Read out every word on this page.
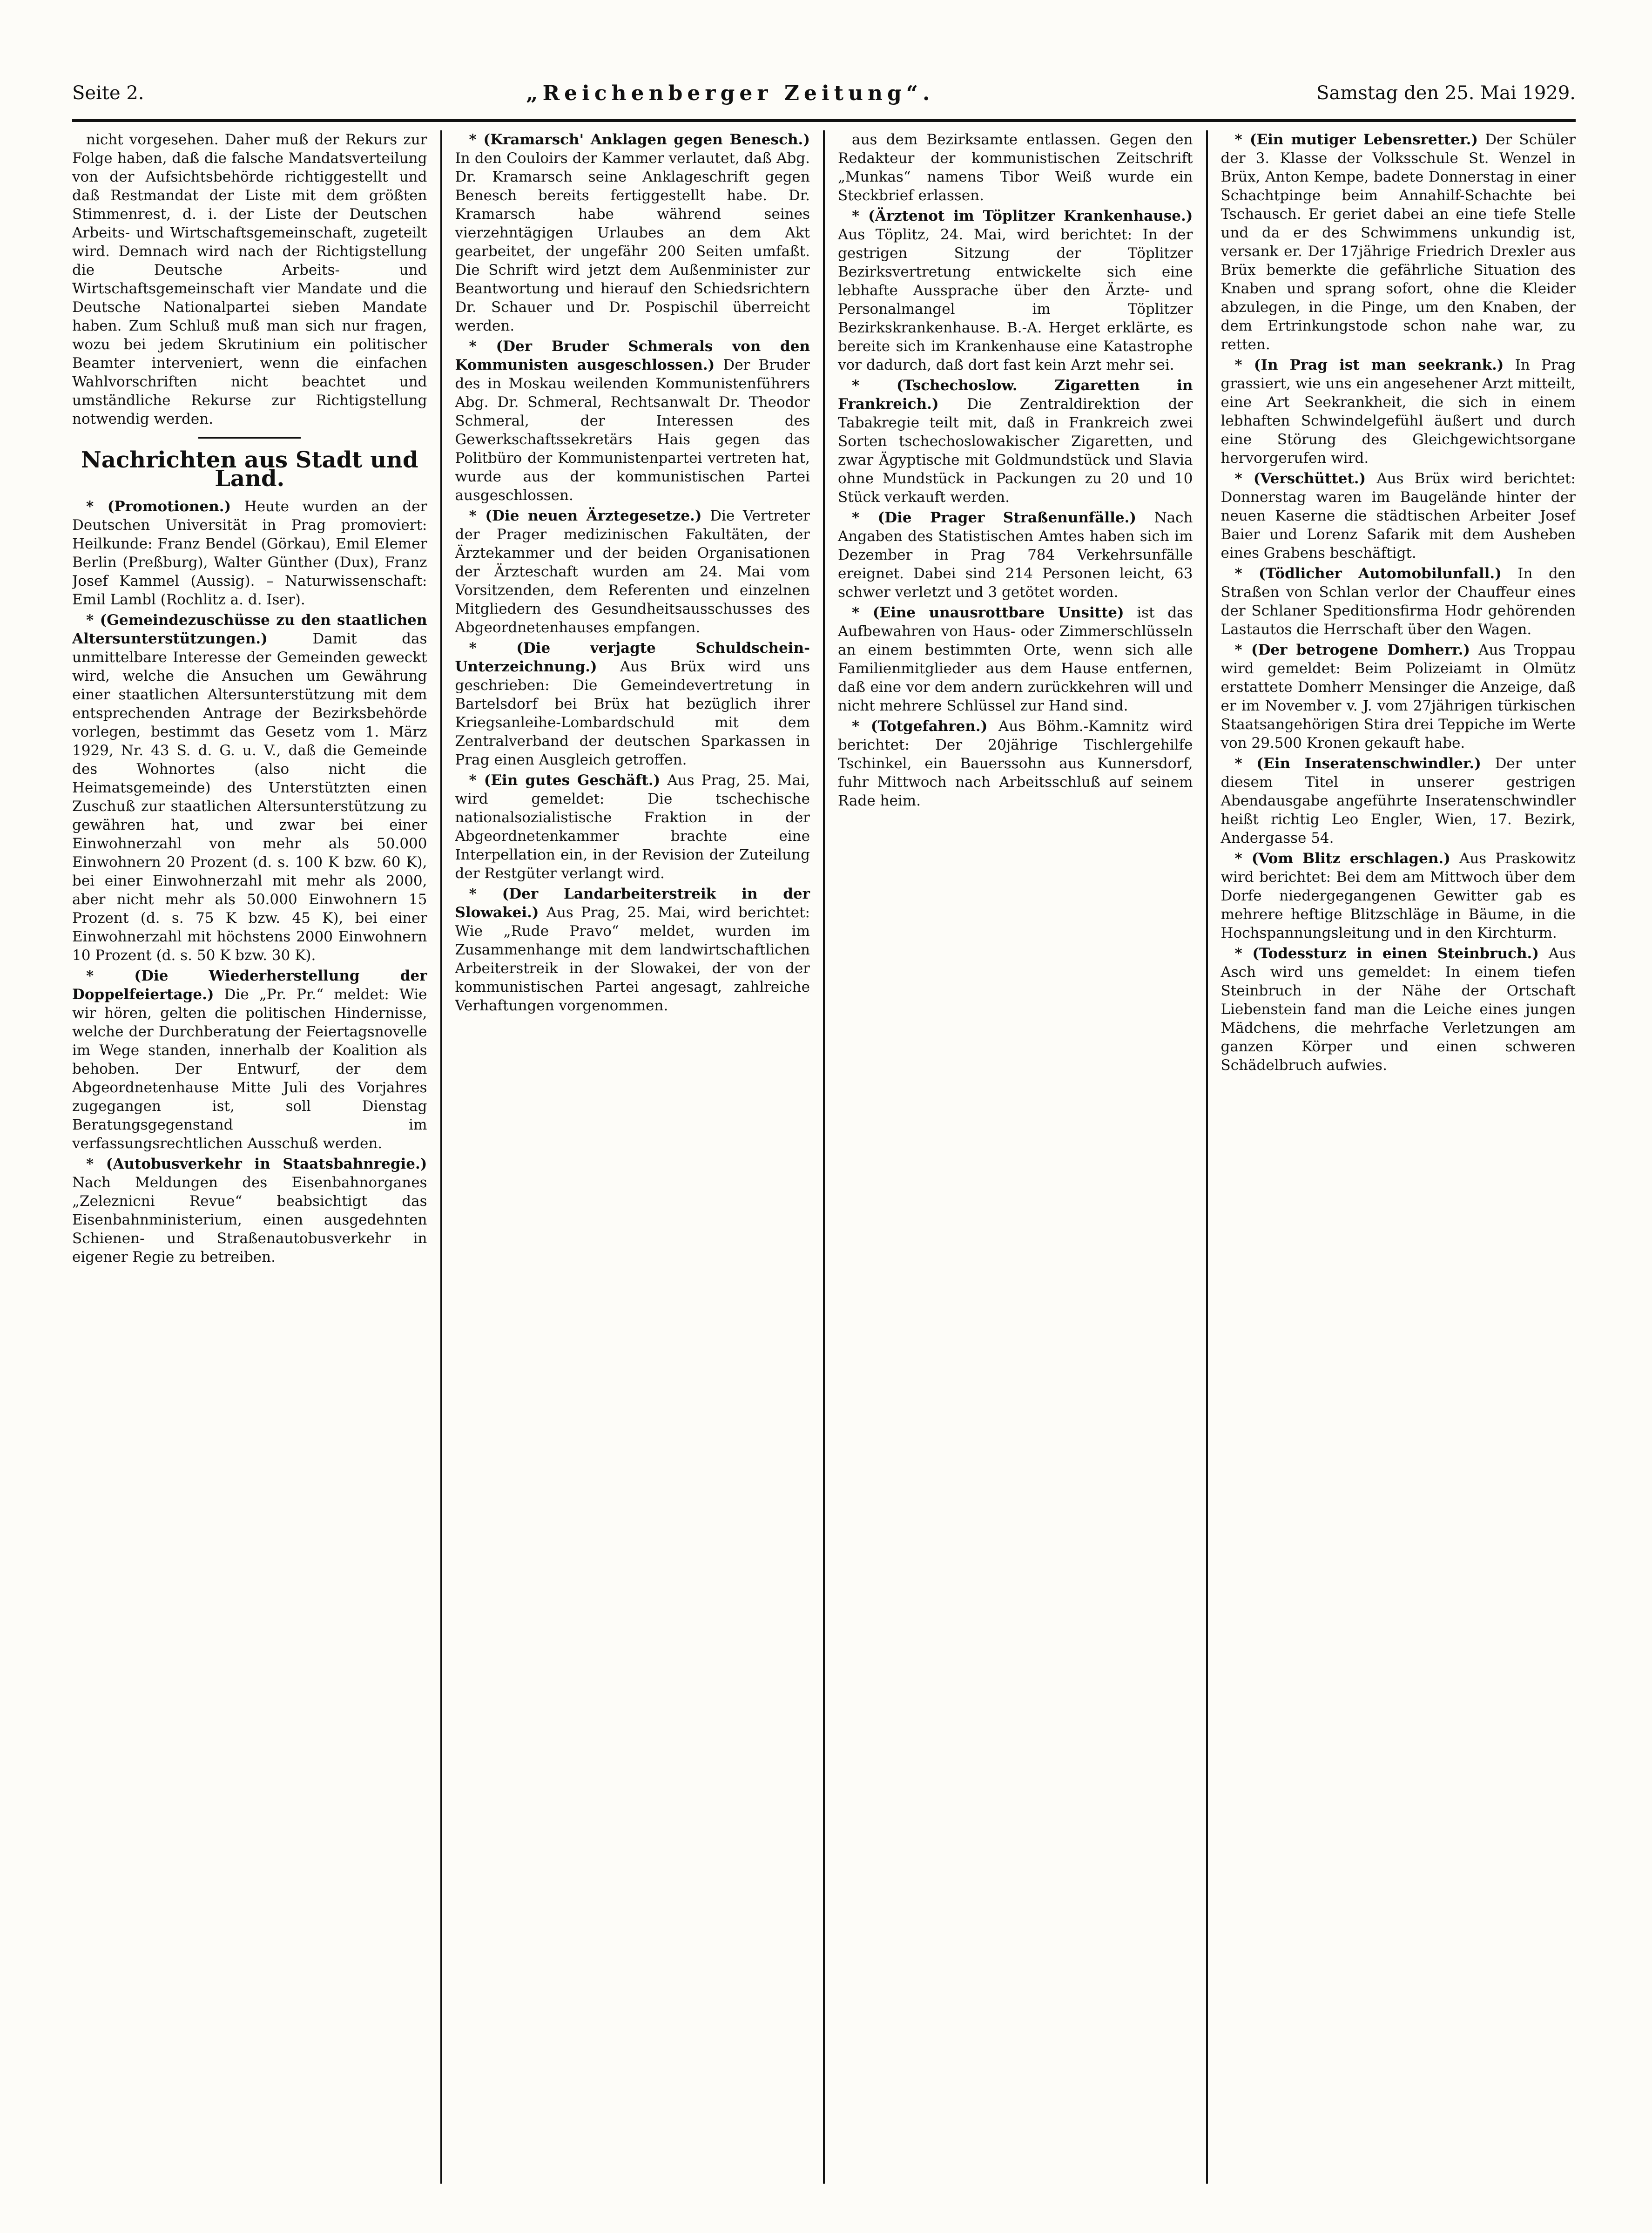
Seite 2.	„Reichenberger Zeitung“.	Samstag den 25. Mai 1929.

nicht vorgesehen. Daher muß der Rekurs zur Folge haben, daß die falsche Mandatsverteilung von der Aufsichtsbehörde richtiggestellt und daß Restmandat der Liste mit dem größten Stimmenrest, d. i. der Liste der Deutschen Arbeits- und Wirtschaftsgemeinschaft, zugeteilt wird. Demnach wird nach der Richtigstellung die Deutsche Arbeits- und Wirtschaftsgemeinschaft vier Mandate und die Deutsche Nationalpartei sieben Mandate haben. Zum Schluß muß man sich nur fragen, wozu bei jedem Skrutinium ein politischer Beamter interveniert, wenn die einfachen Wahlvorschriften nicht beachtet und umständliche Rekurse zur Richtigstellung notwendig werden.

Nachrichten aus Stadt und Land.

* (Promotionen.) Heute wurden an der Deutschen Universität in Prag promoviert: Heilkunde: Franz Bendel (Görkau), Emil Elemer Berlin (Preßburg), Walter Günther (Dux), Franz Josef Kammel (Aussig). – Naturwissenschaft: Emil Lambl (Rochlitz a. d. Iser).

* (Gemeindezuschüsse zu den staatlichen Altersunterstützungen.)	Damit das unmittelbare Interesse der Gemeinden geweckt wird, welche die Ansuchen um Gewährung einer staatlichen Altersunterstützung mit dem entsprechenden Antrage der Bezirksbehörde vorlegen, bestimmt das Gesetz vom 1. März 1929, Nr. 43 S. d. G. u. V., daß die Gemeinde des Wohnortes (also nicht die Heimatsgemeinde) des Unterstützten einen Zuschuß zur staatlichen Altersunterstützung zu gewähren hat, und zwar bei einer Einwohnerzahl von mehr als 50.000 Einwohnern 20 Prozent (d. s. 100 K bzw. 60 K), bei einer Einwohnerzahl mit mehr als 2000, aber nicht mehr als 50.000 Einwohnern 15 Prozent (d. s. 75 K bzw. 45 K), bei einer Einwohnerzahl mit höchstens 2000 Einwohnern 10 Prozent (d. s. 50 K bzw. 30 K).

* (Die Wiederherstellung der Doppelfeiertage.) Die „Pr. Pr.“ meldet: Wie wir hören, gelten die politischen Hindernisse, welche der Durchberatung der Feiertagsnovelle im Wege standen, innerhalb der Koalition als behoben. Der Entwurf, der dem Abgeordnetenhause Mitte Juli des Vorjahres zugegangen ist, soll Dienstag Beratungsgegenstand im verfassungsrechtlichen Ausschuß werden.

* (Autobusverkehr in Staatsbahnregie.) Nach Meldungen des Eisenbahnorganes „Zeleznicni Revue“ beabsichtigt das Eisenbahnministerium, einen ausgedehnten Schienen- und Straßenautobusverkehr in eigener Regie zu betreiben.

* (Kramarsch' Anklagen gegen Benesch.) In den Couloirs der Kammer verlautet, daß Abg. Dr. Kramarsch seine Anklageschrift gegen Benesch bereits fertiggestellt habe. Dr. Kramarsch habe während seines vierzehntägigen Urlaubes an dem Akt gearbeitet, der ungefähr 200 Seiten umfaßt. Die Schrift wird jetzt dem Außenminister zur Beantwortung und hierauf den Schiedsrichtern Dr. Schauer und Dr. Pospischil überreicht werden.

* (Der Bruder Schmerals von den Kommunisten ausgeschlossen.) Der Bruder des in Moskau weilenden Kommunistenführers Abg. Dr. Schmeral, Rechtsanwalt Dr. Theodor Schmeral, der Interessen des Gewerkschaftssekretärs Hais gegen das Politbüro der Kommunistenpartei vertreten hat, wurde aus der kommunistischen Partei ausgeschlossen.

* (Die neuen Ärztegesetze.) Die Vertreter der Prager medizinischen Fakultäten, der Ärztekammer und der beiden Organisationen der Ärzteschaft wurden am 24. Mai vom Vorsitzenden, dem Referenten und einzelnen Mitgliedern des Gesundheitsausschusses des Abgeordnetenhauses empfangen.

* (Die verjagte Schuldschein-Unterzeichnung.) Aus Brüx wird uns geschrieben: Die Gemeindevertretung in Bartelsdorf bei Brüx hat bezüglich ihrer Kriegsanleihe-Lombardschuld mit dem Zentralverband der deutschen Sparkassen in Prag einen Ausgleich getroffen.

* (Ein gutes Geschäft.) Aus Prag, 25. Mai, wird gemeldet: Die tschechische nationalsozialistische Fraktion in der Abgeordnetenkammer brachte eine Interpellation ein, in der Revision der Zuteilung der Restgüter verlangt wird.

* (Der Landarbeiterstreik in der Slowakei.) Aus Prag, 25. Mai, wird berichtet: Wie „Rude Pravo“ meldet, wurden im Zusammenhange mit dem landwirtschaftlichen Arbeiterstreik in der Slowakei, der von der kommunistischen Partei angesagt, zahlreiche Verhaftungen vorgenommen.

aus dem Bezirksamte entlassen. Gegen den Redakteur der kommunistischen Zeitschrift „Munkas“ namens Tibor Weiß wurde ein Steckbrief erlassen.

* (Ärztenot im Töplitzer Krankenhause.) Aus Töplitz, 24. Mai, wird berichtet: In der gestrigen Sitzung der Töplitzer Bezirksvertretung entwickelte sich eine lebhafte Aussprache über den Ärzte- und Personalmangel im Töplitzer Bezirkskrankenhause. B.-A. Herget erklärte, es bereite sich im Krankenhause eine Katastrophe vor dadurch, daß dort fast kein Arzt mehr sei.

* (Tschechoslow. Zigaretten in Frankreich.) Die Zentraldirektion der Tabakregie teilt mit, daß in Frankreich zwei Sorten tschechoslowakischer Zigaretten, und zwar Ägyptische mit Goldmundstück und Slavia ohne Mundstück in Packungen zu 20 und 10 Stück verkauft werden.

* (Die Prager Straßenunfälle.) Nach Angaben des Statistischen Amtes haben sich im Dezember in Prag 784 Verkehrsunfälle ereignet. Dabei sind 214 Personen leicht, 63 schwer verletzt und 3 getötet worden.

* (Eine unausrottbare Unsitte) ist das Aufbewahren von Haus- oder Zimmerschlüsseln an einem bestimmten Orte, wenn sich alle Familienmitglieder aus dem Hause entfernen, daß eine vor dem andern zurückkehren will und nicht mehrere Schlüssel zur Hand sind.

* (Totgefahren.) Aus Böhm.-Kamnitz wird berichtet: Der 20jährige Tischlergehilfe Tschinkel, ein Bauerssohn aus Kunnersdorf, fuhr Mittwoch nach Arbeitsschluß auf seinem Rade heim.

* (Ein mutiger Lebensretter.) Der Schüler der 3. Klasse der Volksschule St. Wenzel in Brüx, Anton Kempe, badete Donnerstag in einer Schachtpinge beim Annahilf-Schachte bei Tschausch. Er geriet dabei an eine tiefe Stelle und da er des Schwimmens unkundig ist, versank er. Der 17jährige Friedrich Drexler aus Brüx bemerkte die gefährliche Situation des Knaben und sprang sofort, ohne die Kleider abzulegen, in die Pinge, um den Knaben, der dem Ertrinkungstode schon nahe war, zu retten.

* (In Prag ist man seekrank.) In Prag grassiert, wie uns ein angesehener Arzt mitteilt, eine Art Seekrankheit, die sich in einem lebhaften Schwindelgefühl äußert und durch eine Störung des Gleichgewichtsorgane hervorgerufen wird.

* (Verschüttet.) Aus Brüx wird berichtet: Donnerstag waren im Baugelände hinter der neuen Kaserne die städtischen Arbeiter Josef Baier und Lorenz Safarik mit dem Ausheben eines Grabens beschäftigt.

* (Tödlicher Automobilunfall.) In den Straßen von Schlan verlor der Chauffeur eines der Schlaner Speditionsfirma Hodr gehörenden Lastautos die Herrschaft über den Wagen.

* (Der betrogene Domherr.) Aus Troppau wird gemeldet: Beim Polizeiamt in Olmütz erstattete Domherr Mensinger die Anzeige, daß er im November v. J. vom 27jährigen türkischen Staatsangehörigen Stira drei Teppiche im Werte von 29.500 Kronen gekauft habe.

* (Ein Inseratenschwindler.) Der unter diesem Titel in unserer gestrigen Abendausgabe angeführte Inseratenschwindler heißt richtig Leo Engler, Wien, 17. Bezirk, Andergasse 54.

* (Vom Blitz erschlagen.) Aus Praskowitz wird berichtet: Bei dem am Mittwoch über dem Dorfe niedergegangenen Gewitter gab es mehrere heftige Blitzschläge in Bäume, in die Hochspannungsleitung und in den Kirchturm.

* (Todessturz in einen Steinbruch.) Aus Asch wird uns gemeldet: In einem tiefen Steinbruch in der Nähe der Ortschaft Liebenstein fand man die Leiche eines jungen Mädchens, die mehrfache Verletzungen am ganzen Körper und einen schweren Schädelbruch aufwies.
